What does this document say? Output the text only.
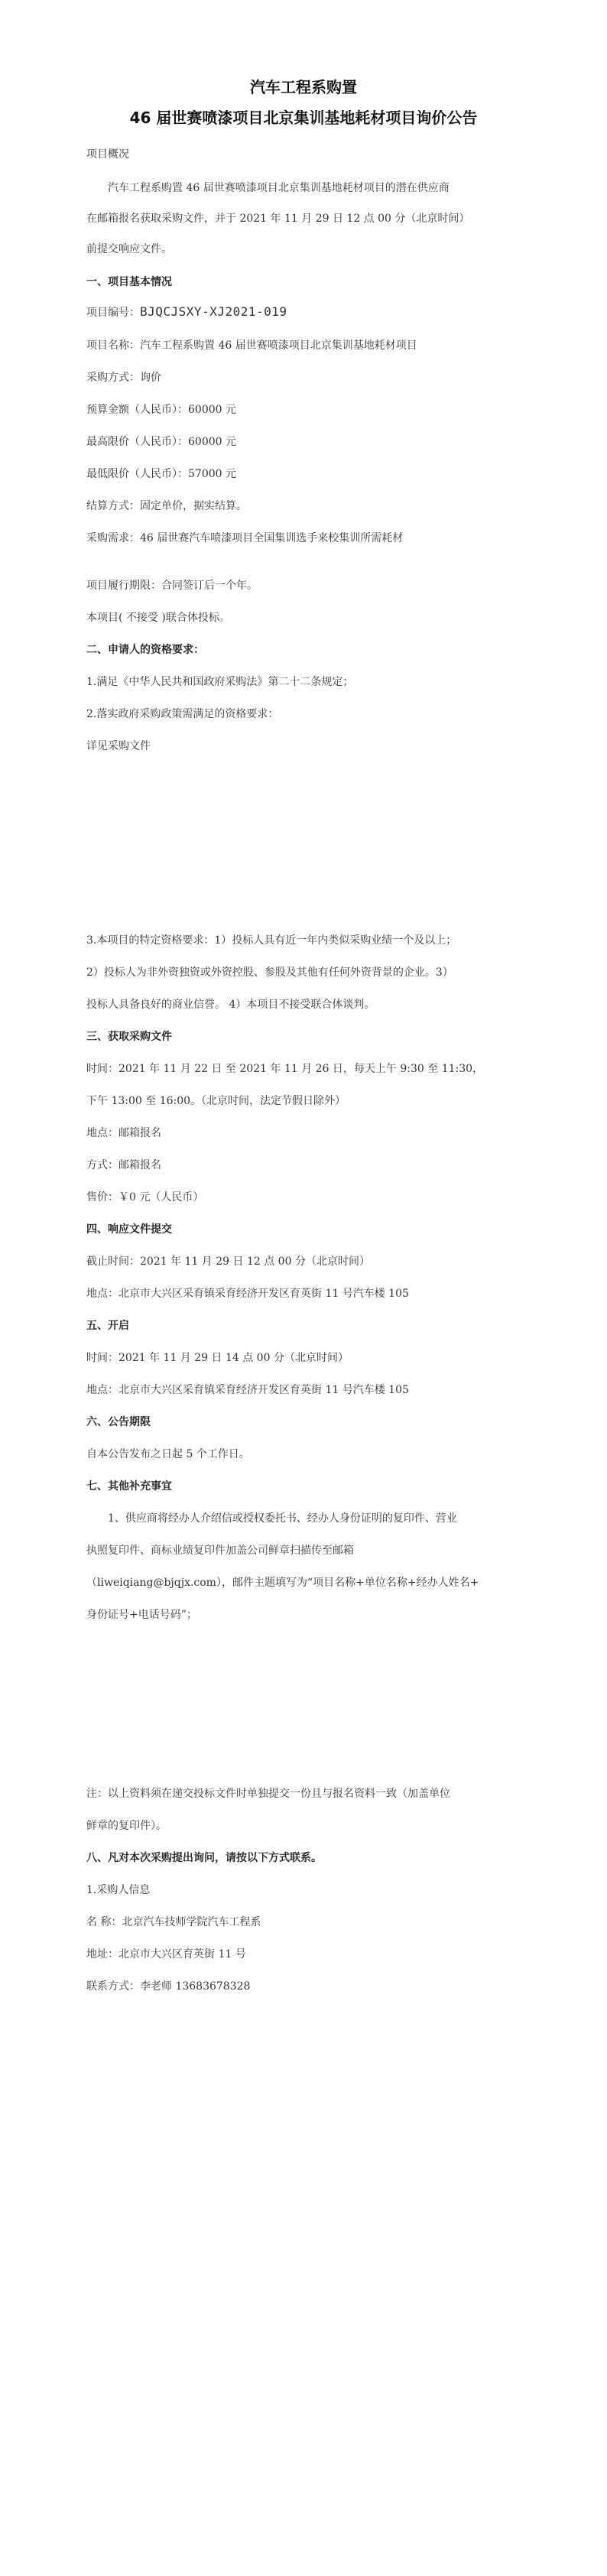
汽车工程系购置
46 届世赛喷漆项目北京集训基地耗材项目询价公告
项目概况
汽车工程系购置 46 届世赛喷漆项目北京集训基地耗材项目的潜在供应商
在邮箱报名获取采购文件，并于 2021 年 11 月 29 日 12 点 00 分（北京时间）
前提交响应文件。
一、项目基本情况
项目编号：BJQCJSXY-XJ2021-019
项目名称：汽车工程系购置 46 届世赛喷漆项目北京集训基地耗材项目
采购方式：询价
预算金额（人民币）：60000 元
最高限价（人民币）：60000 元
最低限价（人民币）：57000 元
结算方式：固定单价，据实结算。
采购需求：46 届世赛汽车喷漆项目全国集训选手来校集训所需耗材
项目履行期限：合同签订后一个年。
本项目( 不接受 )联合体投标。
二、申请人的资格要求：
1.满足《中华人民共和国政府采购法》第二十二条规定；
2.落实政府采购政策需满足的资格要求：
详见采购文件
3.本项目的特定资格要求：1）投标人具有近一年内类似采购业绩一个及以上；
2）投标人为非外资独资或外资控股、参股及其他有任何外资背景的企业。3）
投标人具备良好的商业信誉。 4）本项目不接受联合体谈判。
三、获取采购文件
时间：2021 年 11 月 22 日 至 2021 年 11 月 26 日，每天上午 9:30 至 11:30，
下午 13:00 至 16:00。（北京时间，法定节假日除外）
地点：邮箱报名
方式：邮箱报名
售价：￥0 元（人民币）
四、响应文件提交
截止时间：2021 年 11 月 29 日 12 点 00 分（北京时间）
地点：北京市大兴区采育镇采育经济开发区育英街 11 号汽车楼 105
五、开启
时间：2021 年 11 月 29 日 14 点 00 分（北京时间）
地点：北京市大兴区采育镇采育经济开发区育英街 11 号汽车楼 105
六、公告期限
自本公告发布之日起 5 个工作日。
七、其他补充事宜
1、供应商将经办人介绍信或授权委托书、经办人身份证明的复印件、营业
执照复印件、商标业绩复印件加盖公司鲜章扫描传至邮箱
（liweiqiang@bjqjx.com），邮件主题填写为“项目名称+单位名称+经办人姓名+
身份证号+电话号码”；
注：以上资料须在递交投标文件时单独提交一份且与报名资料一致（加盖单位
鲜章的复印件）。
八、凡对本次采购提出询问，请按以下方式联系。
1.采购人信息
名 称：北京汽车技师学院汽车工程系
地址：北京市大兴区育英街 11 号
联系方式：李老师 13683678328
